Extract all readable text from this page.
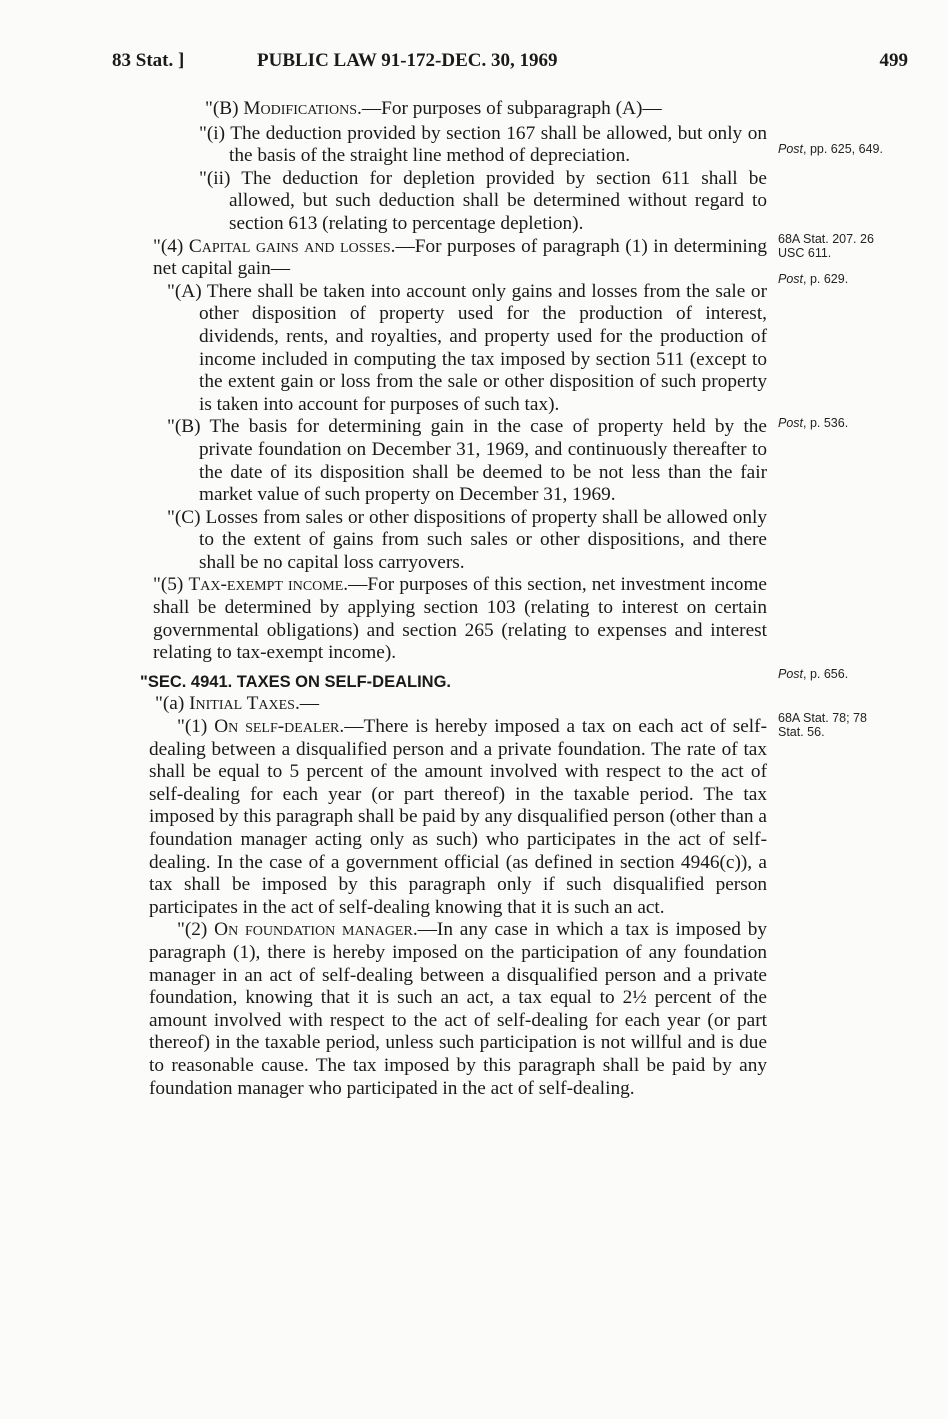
83 Stat. ]	PUBLIC LAW 91-172-DEC. 30, 1969	499

"(B) Modifications.—For purposes of subparagraph (A)—

"(i) The deduction provided by section 167 shall be allowed, but only on the basis of the straight line method of depreciation.

"(ii) The deduction for depletion provided by section 611 shall be allowed, but such deduction shall be determined without regard to section 613 (relating to percentage depletion).

"(4) Capital gains and losses.—For purposes of paragraph (1) in determining net capital gain—

"(A) There shall be taken into account only gains and losses from the sale or other disposition of property used for the production of interest, dividends, rents, and royalties, and property used for the production of income included in computing the tax imposed by section 511 (except to the extent gain or loss from the sale or other disposition of such property is taken into account for purposes of such tax).

"(B) The basis for determining gain in the case of property held by the private foundation on December 31, 1969, and continuously thereafter to the date of its disposition shall be deemed to be not less than the fair market value of such property on December 31, 1969.

"(C) Losses from sales or other dispositions of property shall be allowed only to the extent of gains from such sales or other dispositions, and there shall be no capital loss carryovers.

"(5) Tax-exempt income.—For purposes of this section, net investment income shall be determined by applying section 103 (relating to interest on certain governmental obligations) and section 265 (relating to expenses and interest relating to tax-exempt income).

"SEC. 4941. TAXES ON SELF-DEALING.

"(a) Initial Taxes.—

"(1) On self-dealer.—There is hereby imposed a tax on each act of self-dealing between a disqualified person and a private foundation. The rate of tax shall be equal to 5 percent of the amount involved with respect to the act of self-dealing for each year (or part thereof) in the taxable period. The tax imposed by this paragraph shall be paid by any disqualified person (other than a foundation manager acting only as such) who participates in the act of self-dealing. In the case of a government official (as defined in section 4946(c)), a tax shall be imposed by this paragraph only if such disqualified person participates in the act of self-dealing knowing that it is such an act.

"(2) On foundation manager.—In any case in which a tax is imposed by paragraph (1), there is hereby imposed on the participation of any foundation manager in an act of self-dealing between a disqualified person and a private foundation, knowing that it is such an act, a tax equal to 2½ percent of the amount involved with respect to the act of self-dealing for each year (or part thereof) in the taxable period, unless such participation is not willful and is due to reasonable cause. The tax imposed by this paragraph shall be paid by any foundation manager who participated in the act of self-dealing.

Post, pp. 625, 649.
68A Stat. 207. 26 USC 611.
Post, p. 629.
Post, p. 536.
Post, p. 656.
68A Stat. 78; 78 Stat. 56.
